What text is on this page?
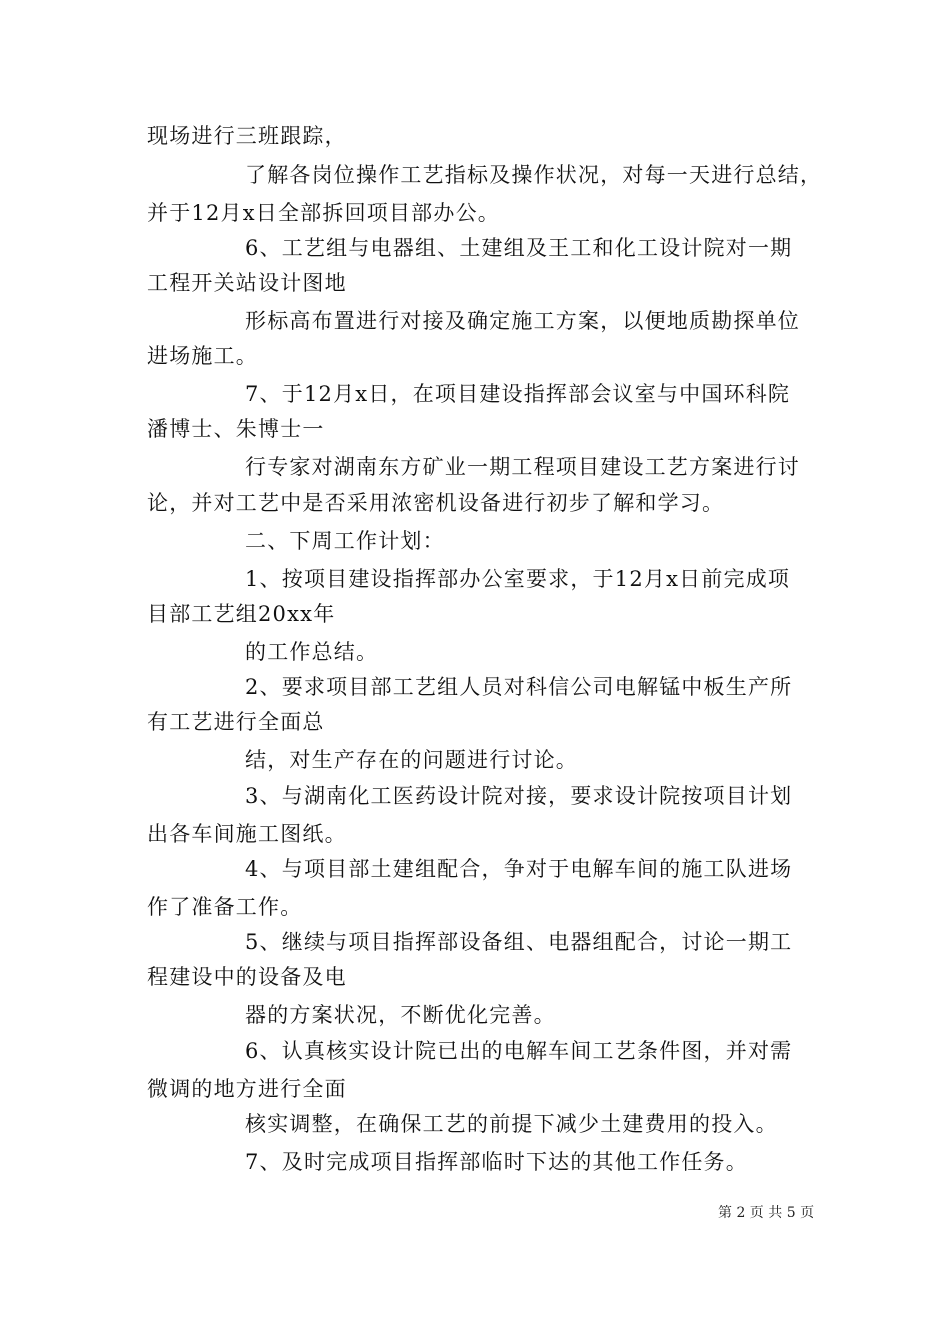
现场进行三班跟踪，
了解各岗位操作工艺指标及操作状况，对每一天进行总结，
并于12月x日全部拆回项目部办公。
6、工艺组与电器组、土建组及王工和化工设计院对一期
工程开关站设计图地
形标高布置进行对接及确定施工方案，以便地质勘探单位
进场施工。
7、于12月x日，在项目建设指挥部会议室与中国环科院
潘博士、朱博士一
行专家对湖南东方矿业一期工程项目建设工艺方案进行讨
论，并对工艺中是否采用浓密机设备进行初步了解和学习。
二、下周工作计划：
1、按项目建设指挥部办公室要求，于12月x日前完成项
目部工艺组20xx年
的工作总结。
2、要求项目部工艺组人员对科信公司电解锰中板生产所
有工艺进行全面总
结，对生产存在的问题进行讨论。
3、与湖南化工医药设计院对接，要求设计院按项目计划
出各车间施工图纸。
4、与项目部土建组配合，争对于电解车间的施工队进场
作了准备工作。
5、继续与项目指挥部设备组、电器组配合，讨论一期工
程建设中的设备及电
器的方案状况，不断优化完善。
6、认真核实设计院已出的电解车间工艺条件图，并对需
微调的地方进行全面
核实调整，在确保工艺的前提下减少土建费用的投入。
7、及时完成项目指挥部临时下达的其他工作任务。
第 2 页 共 5 页
